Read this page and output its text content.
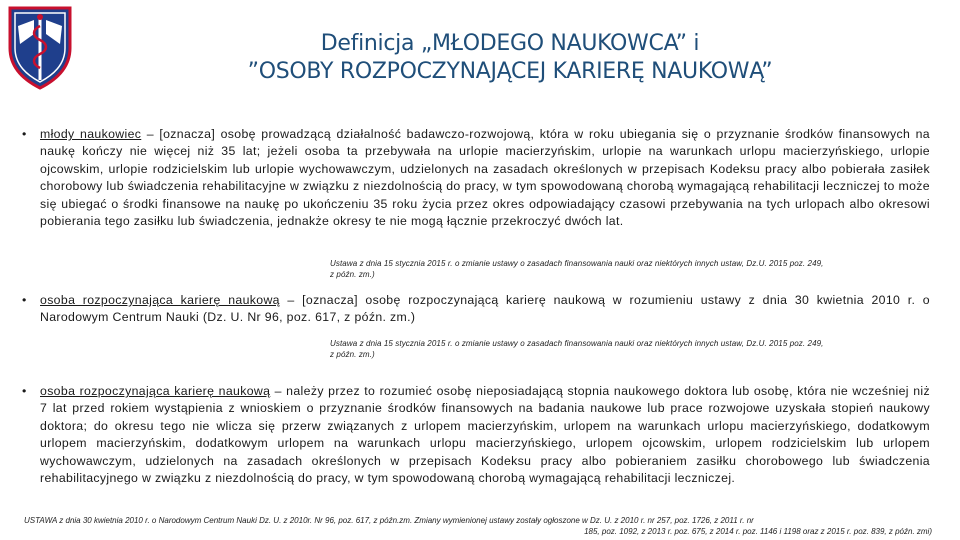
Definicja „MŁODEGO NAUKOWCA” i
”OSOBY ROZPOCZYNAJĄCEJ KARIERĘ NAUKOWĄ”
•	młody naukowiec – [oznacza] osobę prowadzącą działalność badawczo-rozwojową, która w roku ubiegania się o przyznanie środków finansowych na naukę kończy nie więcej niż 35 lat; jeżeli osoba ta przebywała na urlopie macierzyńskim, urlopie na warunkach urlopu macierzyńskiego, urlopie ojcowskim, urlopie rodzicielskim lub urlopie wychowawczym, udzielonych na zasadach określonych w przepisach Kodeksu pracy albo pobierała zasiłek chorobowy lub świadczenia rehabilitacyjne w związku z niezdolnością do pracy, w tym spowodowaną chorobą wymagającą rehabilitacji leczniczej to może się ubiegać o środki finansowe na naukę po ukończeniu 35 roku życia przez okres odpowiadający czasowi przebywania na tych urlopach albo okresowi pobierania tego zasiłku lub świadczenia, jednakże okresy te nie mogą łącznie przekroczyć dwóch lat.
Ustawa z dnia 15 stycznia 2015 r. o zmianie ustawy o zasadach finansowania nauki oraz niektórych innych ustaw, Dz.U. 2015 poz. 249,
z późn. zm.)
•	osoba rozpoczynająca karierę naukową – [oznacza] osobę rozpoczynającą karierę naukową w rozumieniu ustawy z dnia 30 kwietnia 2010 r. o Narodowym Centrum Nauki (Dz. U. Nr 96, poz. 617, z późn. zm.)
Ustawa z dnia 15 stycznia 2015 r. o zmianie ustawy o zasadach finansowania nauki oraz niektórych innych ustaw, Dz.U. 2015 poz. 249,
z późn. zm.)
•	osoba rozpoczynająca karierę naukową – należy przez to rozumieć osobę nieposiadającą stopnia naukowego doktora lub osobę, która nie wcześniej niż 7 lat przed rokiem wystąpienia z wnioskiem o przyznanie środków finansowych na badania naukowe lub prace rozwojowe uzyskała stopień naukowy doktora; do okresu tego nie wlicza się przerw związanych z urlopem macierzyńskim, urlopem na warunkach urlopu macierzyńskiego, dodatkowym urlopem macierzyńskim, dodatkowym urlopem na warunkach urlopu macierzyńskiego, urlopem ojcowskim, urlopem rodzicielskim lub urlopem wychowawczym, udzielonych na zasadach określonych w przepisach Kodeksu pracy albo pobieraniem zasiłku chorobowego lub świadczenia rehabilitacyjnego w związku z niezdolnością do pracy, w tym spowodowaną chorobą wymagającą rehabilitacji leczniczej.
USTAWA z dnia 30 kwietnia 2010 r. o Narodowym Centrum Nauki Dz. U. z 2010r. Nr 96, poz. 617, z późn.zm. Zmiany wymienionej ustawy zostały ogłoszone w Dz. U. z 2010 r. nr 257, poz. 1726, z 2011 r. nr
185, poz. 1092, z 2013 r. poz. 675, z 2014 r. poz. 1146 i 1198 oraz z 2015 r. poz. 839, z późn. zmi)
